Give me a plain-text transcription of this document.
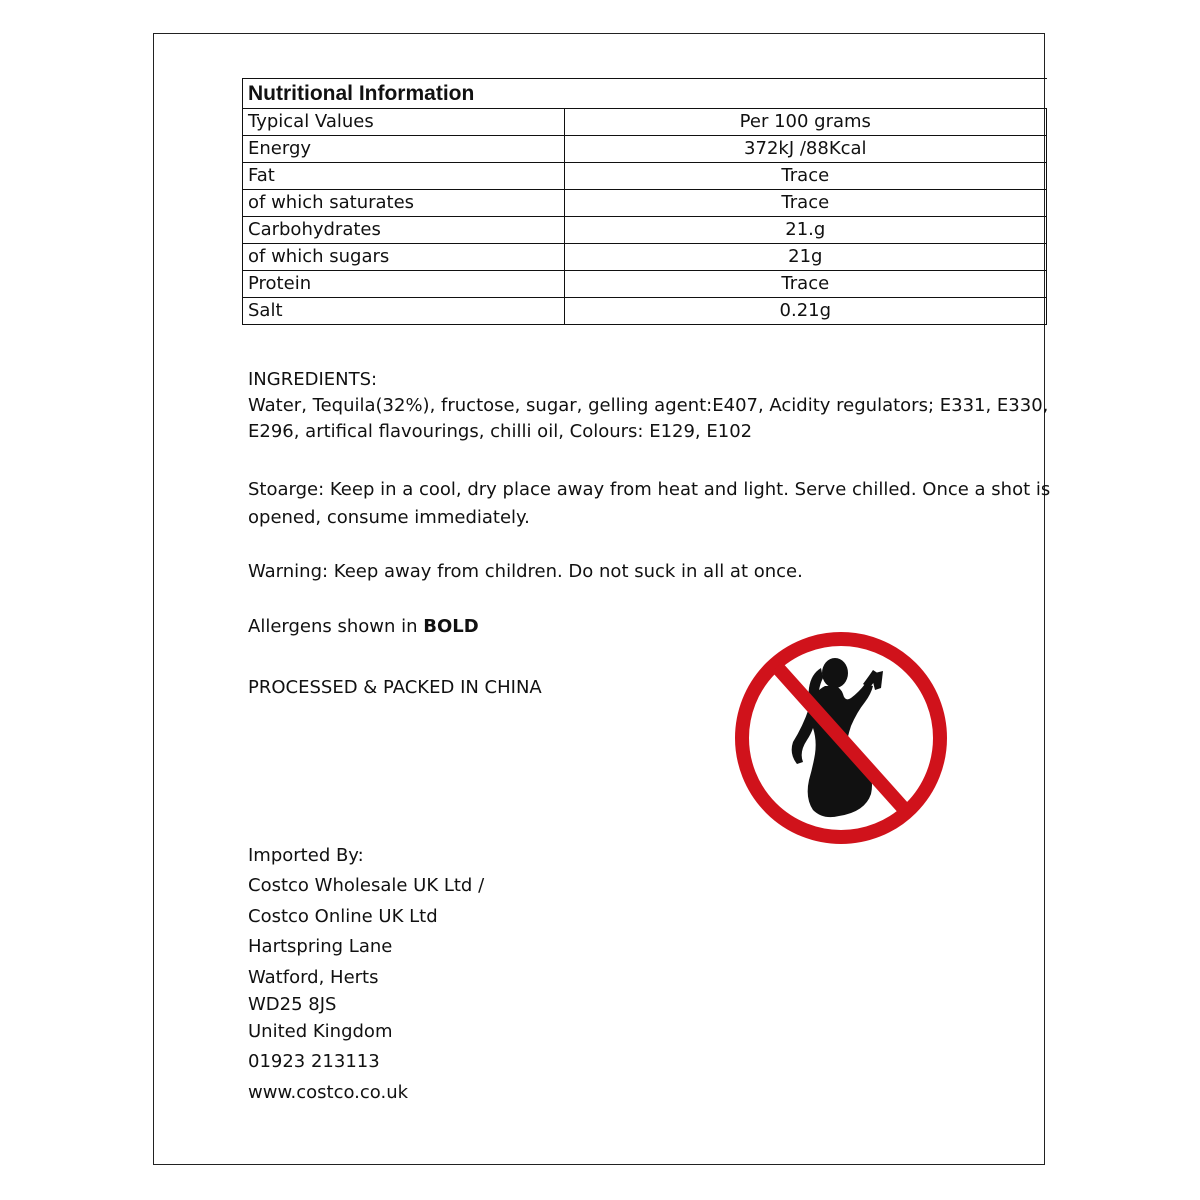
Nutritional Information	
Typical Values	Per 100 grams
Energy	372kJ /88Kcal
Fat	Trace
of which saturates	Trace
Carbohydrates	21.g
of which sugars	21g
Protein	Trace
Salt	0.21g
INGREDIENTS:
Water, Tequila(32%), fructose, sugar, gelling agent:E407, Acidity regulators; E331, E330,
E296, artifical flavourings, chilli oil, Colours: E129, E102
Stoarge: Keep in a cool, dry place away from heat and light. Serve chilled. Once a shot is
opened, consume immediately.
Warning: Keep away from children. Do not suck in all at once.
Allergens shown in BOLD
PROCESSED & PACKED IN CHINA
Imported By:
Costco Wholesale UK Ltd /
Costco Online UK Ltd
Hartspring Lane
Watford, Herts
WD25 8JS
United Kingdom
01923 213113
www.costco.co.uk
